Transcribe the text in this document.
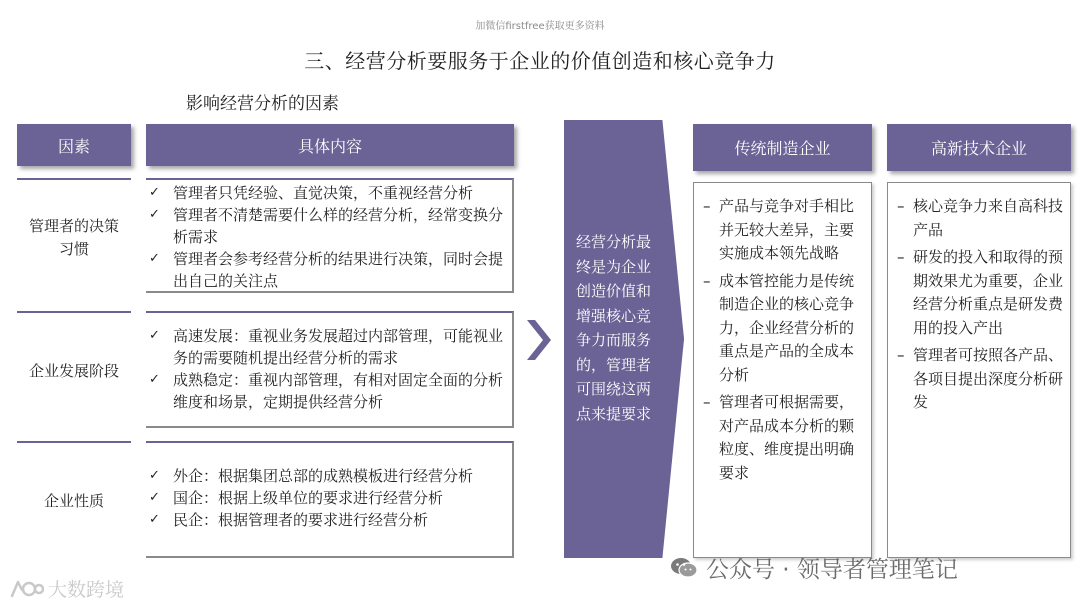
加微信firstfree获取更多资料
三、经营分析要服务于企业的价值创造和核心竞争力
影响经营分析的因素
因素	具体内容
管理者的决策习惯
✓ 管理者只凭经验、直觉决策，不重视经营分析
✓ 管理者不清楚需要什么样的经营分析，经常变换分析需求
✓ 管理者会参考经营分析的结果进行决策，同时会提出自己的关注点
企业发展阶段
✓ 高速发展：重视业务发展超过内部管理，可能视业务的需要随机提出经营分析的需求
✓ 成熟稳定：重视内部管理，有相对固定全面的分析维度和场景，定期提供经营分析
企业性质
✓ 外企：根据集团总部的成熟模板进行经营分析
✓ 国企：根据上级单位的要求进行经营分析
✓ 民企：根据管理者的要求进行经营分析
经营分析最终是为企业创造价值和增强核心竞争力而服务的，管理者可围绕这两点来提要求
传统制造企业
– 产品与竞争对手相比并无较大差异，主要实施成本领先战略
– 成本管控能力是传统制造企业的核心竞争力，企业经营分析的重点是产品的全成本分析
– 管理者可根据需要，对产品成本分析的颗粒度、维度提出明确要求
高新技术企业
– 核心竞争力来自高科技产品
– 研发的投入和取得的预期效果尤为重要，企业经营分析重点是研发费用的投入产出
– 管理者可按照各产品、各项目提出深度分析研发
公众号 · 领导者管理笔记
大数跨境
